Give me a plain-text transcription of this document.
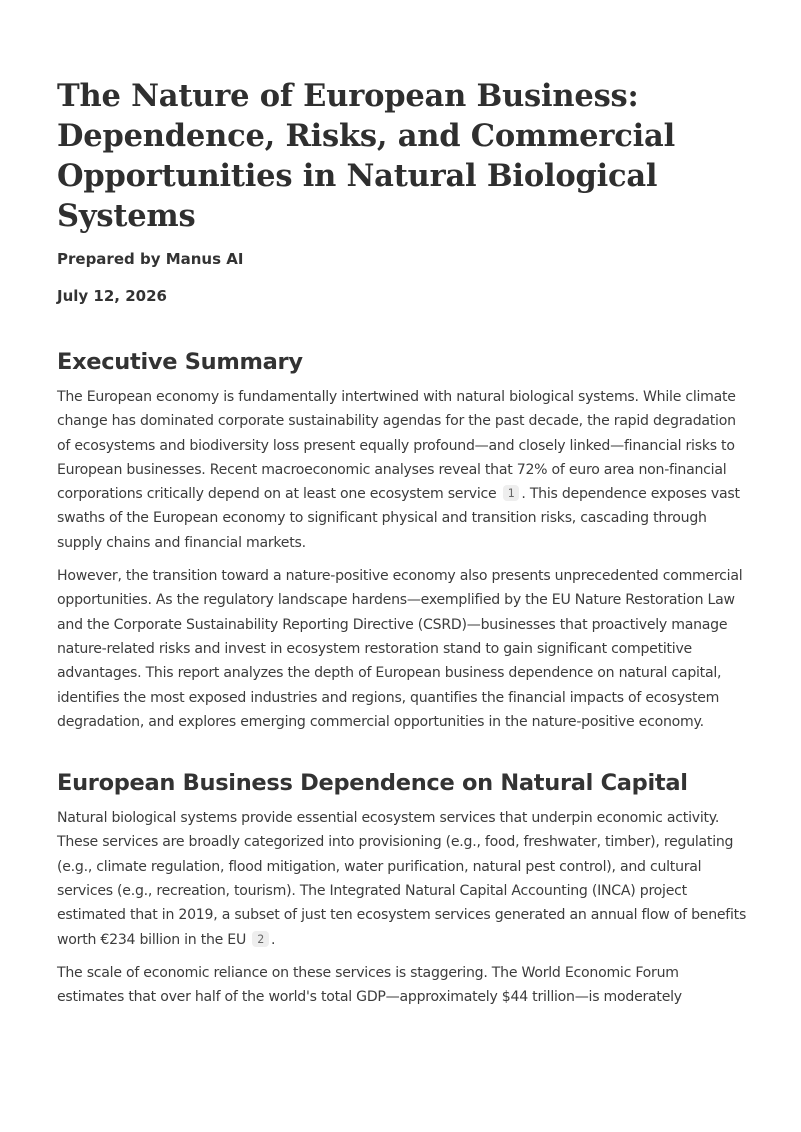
The Nature of European Business:
Dependence, Risks, and Commercial
Opportunities in Natural Biological
Systems
Prepared by Manus AI
July 12, 2026
Executive Summary

The European economy is fundamentally intertwined with natural biological systems. While climate change has dominated corporate sustainability agendas for the past decade, the rapid degradation of ecosystems and biodiversity loss present equally profound—and closely linked—financial risks to European businesses. Recent macroeconomic analyses reveal that 72% of euro area non-financial corporations critically depend on at least one ecosystem service 1 . This dependence exposes vast swaths of the European economy to significant physical and transition risks, cascading through supply chains and financial markets.

However, the transition toward a nature-positive economy also presents unprecedented commercial opportunities. As the regulatory landscape hardens—exemplified by the EU Nature Restoration Law and the Corporate Sustainability Reporting Directive (CSRD)—businesses that proactively manage nature-related risks and invest in ecosystem restoration stand to gain significant competitive advantages. This report analyzes the depth of European business dependence on natural capital, identifies the most exposed industries and regions, quantifies the financial impacts of ecosystem degradation, and explores emerging commercial opportunities in the nature-positive economy.

European Business Dependence on Natural Capital

Natural biological systems provide essential ecosystem services that underpin economic activity. These services are broadly categorized into provisioning (e.g., food, freshwater, timber), regulating (e.g., climate regulation, flood mitigation, water purification, natural pest control), and cultural services (e.g., recreation, tourism). The Integrated Natural Capital Accounting (INCA) project estimated that in 2019, a subset of just ten ecosystem services generated an annual flow of benefits worth €234 billion in the EU 2 .

The scale of economic reliance on these services is staggering. The World Economic Forum estimates that over half of the world's total GDP—approximately $44 trillion—is moderately
